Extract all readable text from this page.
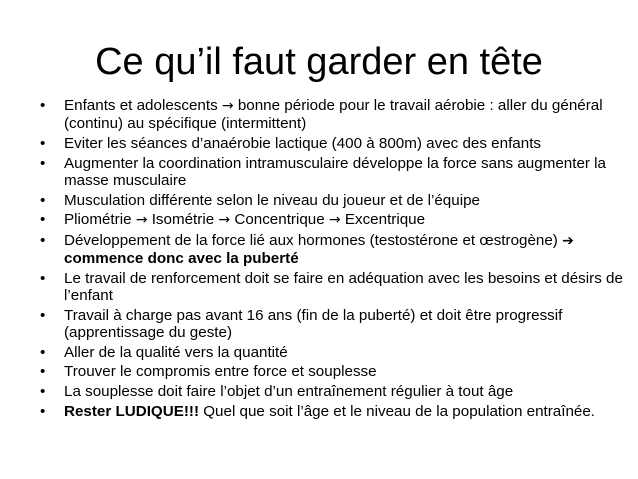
Ce qu’il faut garder en tête
•	Enfants et adolescents → bonne période pour le travail aérobie : aller du général (continu) au spécifique (intermittent)
•	Eviter les séances d’anaérobie lactique (400 à 800m) avec des enfants
•	Augmenter la coordination intramusculaire développe la force sans augmenter la masse musculaire
•	Musculation différente selon le niveau du joueur et de l’équipe
•	Pliométrie → Isométrie → Concentrique → Excentrique
•	Développement de la force lié aux hormones (testostérone et œstrogène) ➔ commence donc avec la puberté
•	Le travail de renforcement doit se faire en adéquation avec les besoins et désirs de l’enfant
•	Travail à charge pas avant 16 ans (fin de la puberté) et doit être progressif (apprentissage du geste)
•	Aller de la qualité vers la quantité
•	Trouver le compromis entre force et souplesse
•	La souplesse doit faire l’objet d’un entraînement régulier à tout âge
•	Rester LUDIQUE!!! Quel que soit l’âge et le niveau de la population entraînée.
